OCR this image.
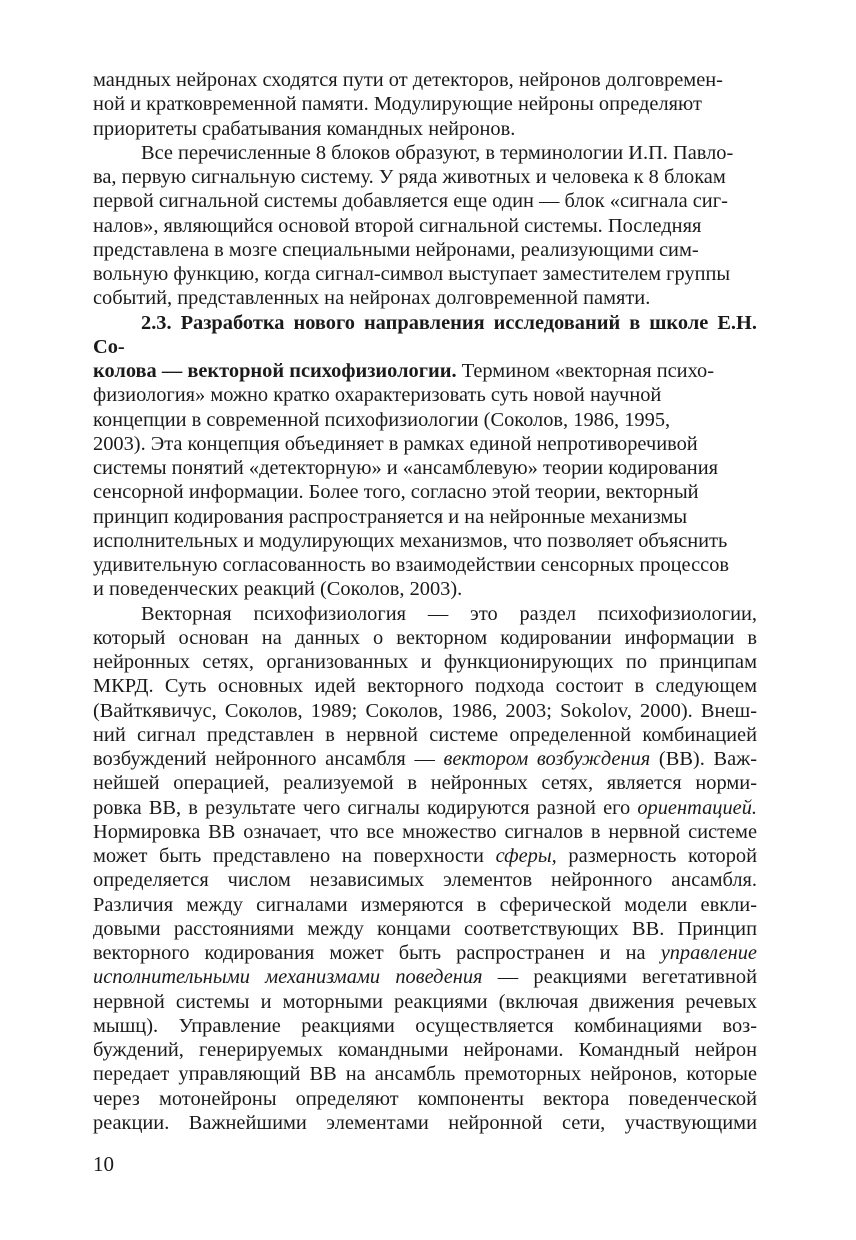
мандных нейронах сходятся пути от детекторов, нейронов долговремен-
ной и кратковременной памяти. Модулирующие нейроны определяют
приоритеты срабатывания командных нейронов.

Все перечисленные 8 блоков образуют, в терминологии И.П. Павло-
ва, первую сигнальную систему. У ряда животных и человека к 8 блокам
первой сигнальной системы добавляется еще один — блок «сигнала сиг-
налов», являющийся основой второй сигнальной системы. Последняя
представлена в мозге специальными нейронами, реализующими сим-
вольную функцию, когда сигнал-символ выступает заместителем группы
событий, представленных на нейронах долговременной памяти.

2.3. Разработка нового направления исследований в школе Е.Н. Со-
колова — векторной психофизиологии. Термином «векторная психо-
физиология» можно кратко охарактеризовать суть новой научной
концепции в современной психофизиологии (Соколов, 1986, 1995,
2003). Эта концепция объединяет в рамках единой непротиворечивой
системы понятий «детекторную» и «ансамблевую» теории кодирования
сенсорной информации. Более того, согласно этой теории, векторный
принцип кодирования распространяется и на нейронные механизмы
исполнительных и модулирующих механизмов, что позволяет объяснить
удивительную согласованность во взаимодействии сенсорных процессов
и поведенческих реакций (Соколов, 2003).

Векторная психофизиология — это раздел психофизиологии,
который основан на данных о векторном кодировании информации в
нейронных сетях, организованных и функционирующих по принципам
МКРД. Суть основных идей векторного подхода состоит в следующем
(Вайткявичус, Соколов, 1989; Соколов, 1986, 2003; Sokolov, 2000). Внеш-
ний сигнал представлен в нервной системе определенной комбинацией
возбуждений нейронного ансамбля — вектором возбуждения (ВВ). Важ-
нейшей операцией, реализуемой в нейронных сетях, является норми-
ровка ВВ, в результате чего сигналы кодируются разной его ориентацией.
Нормировка ВВ означает, что все множество сигналов в нервной системе
может быть представлено на поверхности сферы, размерность которой
определяется числом независимых элементов нейронного ансамбля.
Различия между сигналами измеряются в сферической модели евкли-
довыми расстояниями между концами соответствующих ВВ. Принцип
векторного кодирования может быть распространен и на управление
исполнительными механизмами поведения — реакциями вегетативной
нервной системы и моторными реакциями (включая движения речевых
мышц). Управление реакциями осуществляется комбинациями воз-
буждений, генерируемых командными нейронами. Командный нейрон
передает управляющий ВВ на ансамбль премоторных нейронов, которые
через мотонейроны определяют компоненты вектора поведенческой
реакции. Важнейшими элементами нейронной сети, участвующими

10
